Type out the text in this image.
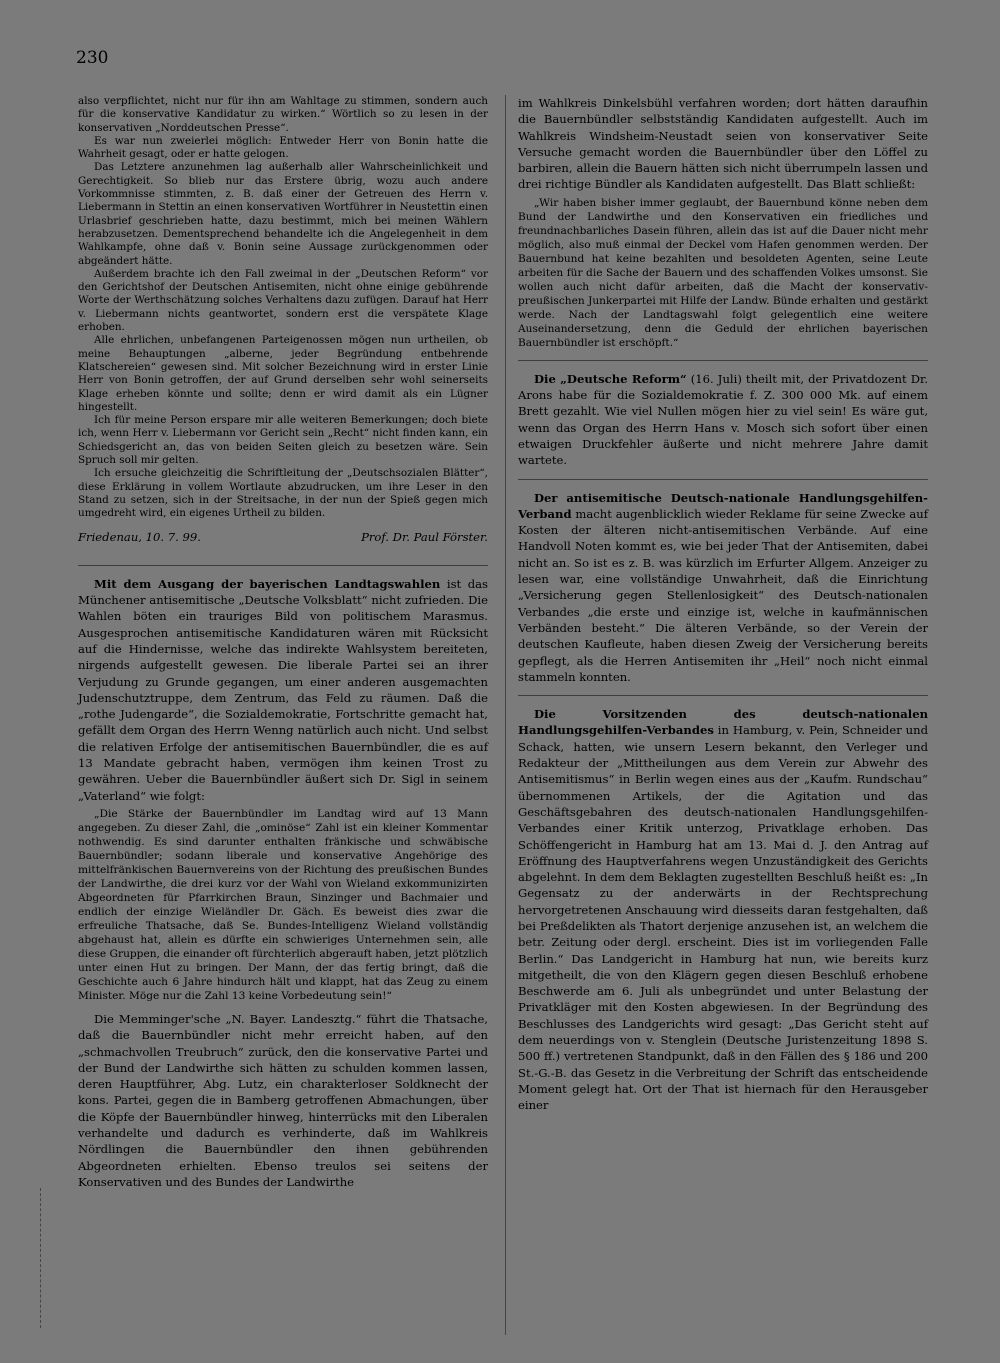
230

also verpflichtet, nicht nur für ihn am Wahltage zu stimmen, sondern auch für die konservative Kandidatur zu wirken.“ Wörtlich so zu lesen in der konservativen „Norddeutschen Presse“.

Es war nun zweierlei möglich: Entweder Herr von Bonin hatte die Wahrheit gesagt, oder er hatte gelogen.

Das Letztere anzunehmen lag außerhalb aller Wahrscheinlichkeit und Gerechtigkeit. So blieb nur das Erstere übrig, wozu auch andere Vorkommnisse stimmten, z. B. daß einer der Getreuen des Herrn v. Liebermann in Stettin an einen konservativen Wortführer in Neustettin einen Urlasbrief geschrieben hatte, dazu bestimmt, mich bei meinen Wählern herabzusetzen. Dementsprechend behandelte ich die Angelegenheit in dem Wahlkampfe, ohne daß v. Bonin seine Aussage zurückgenommen oder abgeändert hätte.

Außerdem brachte ich den Fall zweimal in der „Deutschen Reform“ vor den Gerichtshof der Deutschen Antisemiten, nicht ohne einige gebührende Worte der Werthschätzung solches Verhaltens dazu zufügen. Darauf hat Herr v. Liebermann nichts geantwortet, sondern erst die verspätete Klage erhoben.

Alle ehrlichen, unbefangenen Parteigenossen mögen nun urtheilen, ob meine Behauptungen „alberne, jeder Begründung entbehrende Klatschereien“ gewesen sind. Mit solcher Bezeichnung wird in erster Linie Herr von Bonin getroffen, der auf Grund derselben sehr wohl seinerseits Klage erheben könnte und sollte; denn er wird damit als ein Lügner hingestellt.

Ich für meine Person erspare mir alle weiteren Bemerkungen; doch biete ich, wenn Herr v. Liebermann vor Gericht sein „Recht“ nicht finden kann, ein Schiedsgericht an, das von beiden Seiten gleich zu besetzen wäre. Sein Spruch soll mir gelten.

Ich ersuche gleichzeitig die Schriftleitung der „Deutschsozialen Blätter“, diese Erklärung in vollem Wortlaute abzudrucken, um ihre Leser in den Stand zu setzen, sich in der Streitsache, in der nun der Spieß gegen mich umgedreht wird, ein eigenes Urtheil zu bilden.

Friedenau, 10. 7. 99.	Prof. Dr. Paul Förster.

Mit dem Ausgang der bayerischen Landtagswahlen ist das Münchener antisemitische „Deutsche Volksblatt“ nicht zufrieden. Die Wahlen böten ein trauriges Bild von politischem Marasmus. Ausgesprochen antisemitische Kandidaturen wären mit Rücksicht auf die Hindernisse, welche das indirekte Wahlsystem bereiteten, nirgends aufgestellt gewesen. Die liberale Partei sei an ihrer Verjudung zu Grunde gegangen, um einer anderen ausgemachten Judenschutztruppe, dem Zentrum, das Feld zu räumen. Daß die „rothe Judengarde“, die Sozialdemokratie, Fortschritte gemacht hat, gefällt dem Organ des Herrn Wenng natürlich auch nicht. Und selbst die relativen Erfolge der antisemitischen Bauernbündler, die es auf 13 Mandate gebracht haben, vermögen ihm keinen Trost zu gewähren. Ueber die Bauernbündler äußert sich Dr. Sigl in seinem „Vaterland“ wie folgt:

„Die Stärke der Bauernbündler im Landtag wird auf 13 Mann angegeben. Zu dieser Zahl, die „ominöse“ Zahl ist ein kleiner Kommentar nothwendig. Es sind darunter enthalten fränkische und schwäbische Bauernbündler; sodann liberale und konservative Angehörige des mittelfränkischen Bauernvereins von der Richtung des preußischen Bundes der Landwirthe, die drei kurz vor der Wahl von Wieland exkommunizirten Abgeordneten für Pfarrkirchen Braun, Sinzinger und Bachmaier und endlich der einzige Wieländler Dr. Gäch. Es beweist dies zwar die erfreuliche Thatsache, daß Se. Bundes-Intelligenz Wieland vollständig abgehaust hat, allein es dürfte ein schwieriges Unternehmen sein, alle diese Gruppen, die einander oft fürchterlich abgerauft haben, jetzt plötzlich unter einen Hut zu bringen. Der Mann, der das fertig bringt, daß die Geschichte auch 6 Jahre hindurch hält und klappt, hat das Zeug zu einem Minister. Möge nur die Zahl 13 keine Vorbedeutung sein!“

Die Memminger'sche „N. Bayer. Landesztg.“ führt die Thatsache, daß die Bauernbündler nicht mehr erreicht haben, auf den „schmachvollen Treubruch“ zurück, den die konservative Partei und der Bund der Landwirthe sich hätten zu schulden kommen lassen, deren Hauptführer, Abg. Lutz, ein charakterloser Soldknecht der kons. Partei, gegen die in Bamberg getroffenen Abmachungen, über die Köpfe der Bauernbündler hinweg, hinterrücks mit den Liberalen verhandelte und dadurch es verhinderte, daß im Wahlkreis Nördlingen die Bauernbündler den ihnen gebührenden Abgeordneten erhielten. Ebenso treulos sei seitens der Konservativen und des Bundes der Landwirthe

im Wahlkreis Dinkelsbühl verfahren worden; dort hätten daraufhin die Bauernbündler selbstständig Kandidaten aufgestellt. Auch im Wahlkreis Windsheim-Neustadt seien von konservativer Seite Versuche gemacht worden die Bauernbündler über den Löffel zu barbiren, allein die Bauern hätten sich nicht überrumpeln lassen und drei richtige Bündler als Kandidaten aufgestellt. Das Blatt schließt:

„Wir haben bisher immer geglaubt, der Bauernbund könne neben dem Bund der Landwirthe und den Konservativen ein friedliches und freundnachbarliches Dasein führen, allein das ist auf die Dauer nicht mehr möglich, also muß einmal der Deckel vom Hafen genommen werden. Der Bauernbund hat keine bezahlten und besoldeten Agenten, seine Leute arbeiten für die Sache der Bauern und des schaffenden Volkes umsonst. Sie wollen auch nicht dafür arbeiten, daß die Macht der konservativ-preußischen Junkerpartei mit Hilfe der Landw. Bünde erhalten und gestärkt werde. Nach der Landtagswahl folgt gelegentlich eine weitere Auseinandersetzung, denn die Geduld der ehrlichen bayerischen Bauernbündler ist erschöpft.“

Die „Deutsche Reform“ (16. Juli) theilt mit, der Privatdozent Dr. Arons habe für die Sozialdemokratie f. Z. 300 000 Mk. auf einem Brett gezahlt. Wie viel Nullen mögen hier zu viel sein! Es wäre gut, wenn das Organ des Herrn Hans v. Mosch sich sofort über einen etwaigen Druckfehler äußerte und nicht mehrere Jahre damit wartete.

Der antisemitische Deutsch-nationale Handlungsgehilfen-Verband macht augenblicklich wieder Reklame für seine Zwecke auf Kosten der älteren nicht-antisemitischen Verbände. Auf eine Handvoll Noten kommt es, wie bei jeder That der Antisemiten, dabei nicht an. So ist es z. B. was kürzlich im Erfurter Allgem. Anzeiger zu lesen war, eine vollständige Unwahrheit, daß die Einrichtung „Versicherung gegen Stellenlosigkeit“ des Deutsch-nationalen Verbandes „die erste und einzige ist, welche in kaufmännischen Verbänden besteht.“ Die älteren Verbände, so der Verein der deutschen Kaufleute, haben diesen Zweig der Versicherung bereits gepflegt, als die Herren Antisemiten ihr „Heil“ noch nicht einmal stammeln konnten.

Die Vorsitzenden des deutsch-nationalen Handlungsgehilfen-Verbandes in Hamburg, v. Pein, Schneider und Schack, hatten, wie unsern Lesern bekannt, den Verleger und Redakteur der „Mittheilungen aus dem Verein zur Abwehr des Antisemitismus“ in Berlin wegen eines aus der „Kaufm. Rundschau“ übernommenen Artikels, der die Agitation und das Geschäftsgebahren des deutsch-nationalen Handlungsgehilfen-Verbandes einer Kritik unterzog, Privatklage erhoben. Das Schöffengericht in Hamburg hat am 13. Mai d. J. den Antrag auf Eröffnung des Hauptverfahrens wegen Unzuständigkeit des Gerichts abgelehnt. In dem dem Beklagten zugestellten Beschluß heißt es: „In Gegensatz zu der anderwärts in der Rechtsprechung hervorgetretenen Anschauung wird diesseits daran festgehalten, daß bei Preßdelikten als Thatort derjenige anzusehen ist, an welchem die betr. Zeitung oder dergl. erscheint. Dies ist im vorliegenden Falle Berlin.“ Das Landgericht in Hamburg hat nun, wie bereits kurz mitgetheilt, die von den Klägern gegen diesen Beschluß erhobene Beschwerde am 6. Juli als unbegründet und unter Belastung der Privatkläger mit den Kosten abgewiesen. In der Begründung des Beschlusses des Landgerichts wird gesagt: „Das Gericht steht auf dem neuerdings von v. Stenglein (Deutsche Juristenzeitung 1898 S. 500 ff.) vertretenen Standpunkt, daß in den Fällen des § 186 und 200 St.-G.-B. das Gesetz in die Verbreitung der Schrift das entscheidende Moment gelegt hat. Ort der That ist hiernach für den Herausgeber einer
